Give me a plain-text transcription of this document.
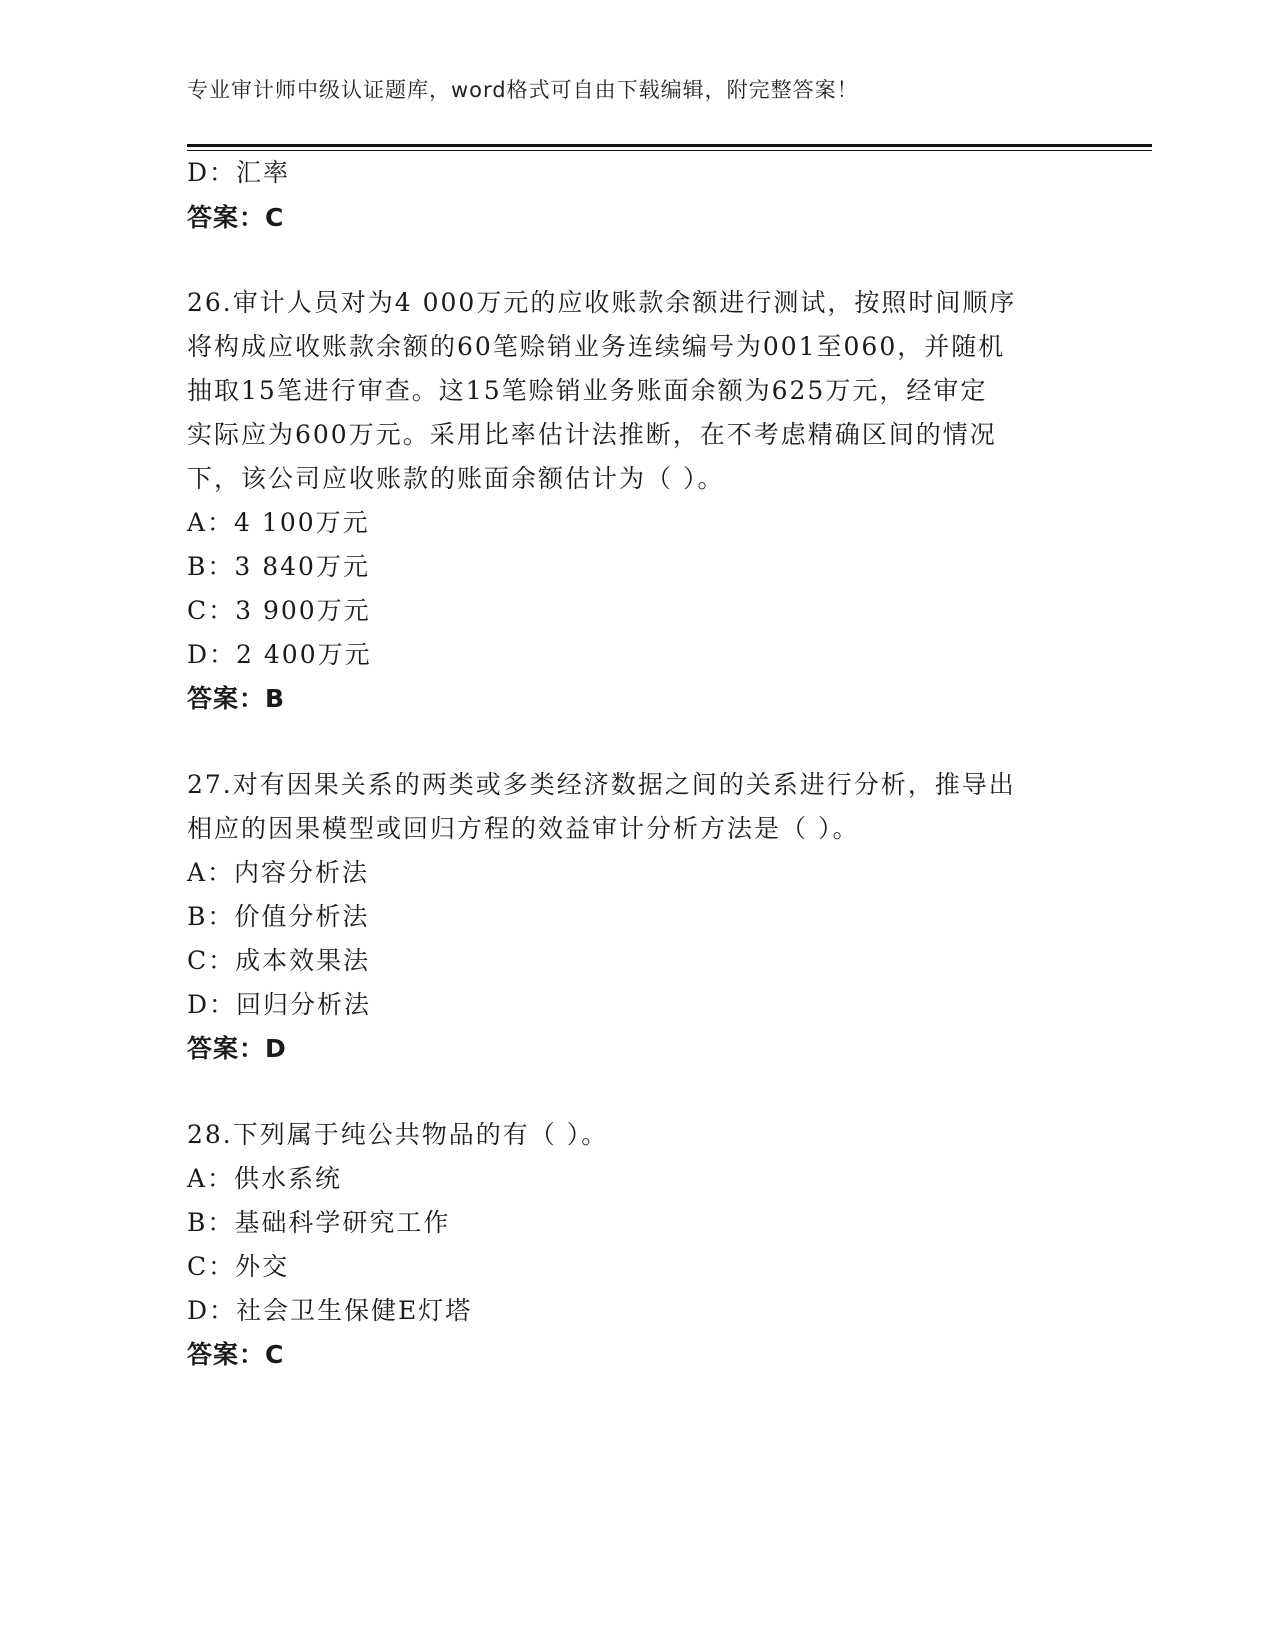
专业审计师中级认证题库，word格式可自由下载编辑，附完整答案！
D：汇率
答案：C
26.审计人员对为4 000万元的应收账款余额进行测试，按照时间顺序
将构成应收账款余额的60笔赊销业务连续编号为001至060，并随机
抽取15笔进行审查。这15笔赊销业务账面余额为625万元，经审定
实际应为600万元。采用比率估计法推断，在不考虑精确区间的情况
下，该公司应收账款的账面余额估计为（ ）。
A：4 100万元
B：3 840万元
C：3 900万元
D：2 400万元
答案：B
27.对有因果关系的两类或多类经济数据之间的关系进行分析，推导出
相应的因果模型或回归方程的效益审计分析方法是（ ）。
A：内容分析法
B：价值分析法
C：成本效果法
D：回归分析法
答案：D
28.下列属于纯公共物品的有（ ）。
A：供水系统
B：基础科学研究工作
C：外交
D：社会卫生保健E灯塔
答案：C
